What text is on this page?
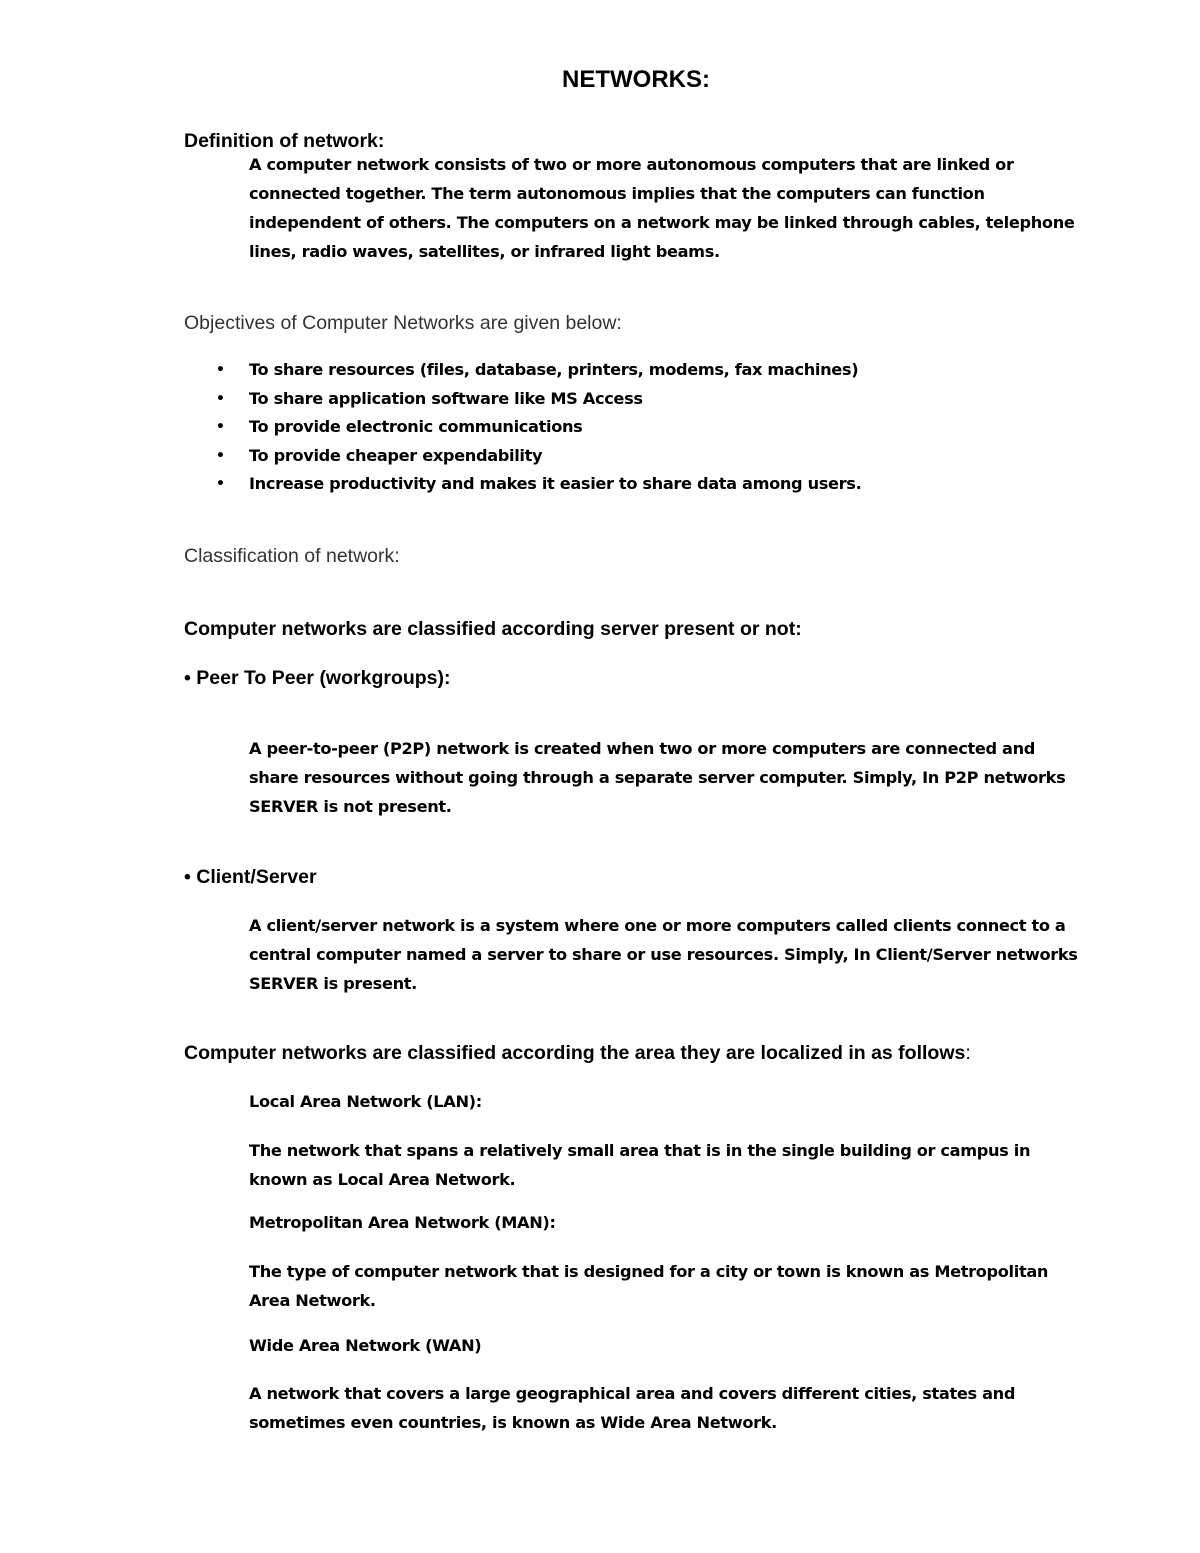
NETWORKS:

Definition of network:

A computer network consists of two or more autonomous computers that are linked or connected together. The term autonomous implies that the computers can function independent of others. The computers on a network may be linked through cables, telephone lines, radio waves, satellites, or infrared light beams.

Objectives of Computer Networks are given below:

• To share resources (files, database, printers, modems, fax machines)
• To share application software like MS Access
• To provide electronic communications
• To provide cheaper expendability
• Increase productivity and makes it easier to share data among users.

Classification of network:

Computer networks are classified according server present or not:

• Peer To Peer (workgroups):

A peer-to-peer (P2P) network is created when two or more computers are connected and share resources without going through a separate server computer. Simply, In P2P networks SERVER is not present.

• Client/Server

A client/server network is a system where one or more computers called clients connect to a central computer named a server to share or use resources. Simply, In Client/Server networks SERVER is present.

Computer networks are classified according the area they are localized in as follows:

Local Area Network (LAN):

The network that spans a relatively small area that is in the single building or campus in known as Local Area Network.

Metropolitan Area Network (MAN):

The type of computer network that is designed for a city or town is known as Metropolitan Area Network.

Wide Area Network (WAN)

A network that covers a large geographical area and covers different cities, states and sometimes even countries, is known as Wide Area Network.
